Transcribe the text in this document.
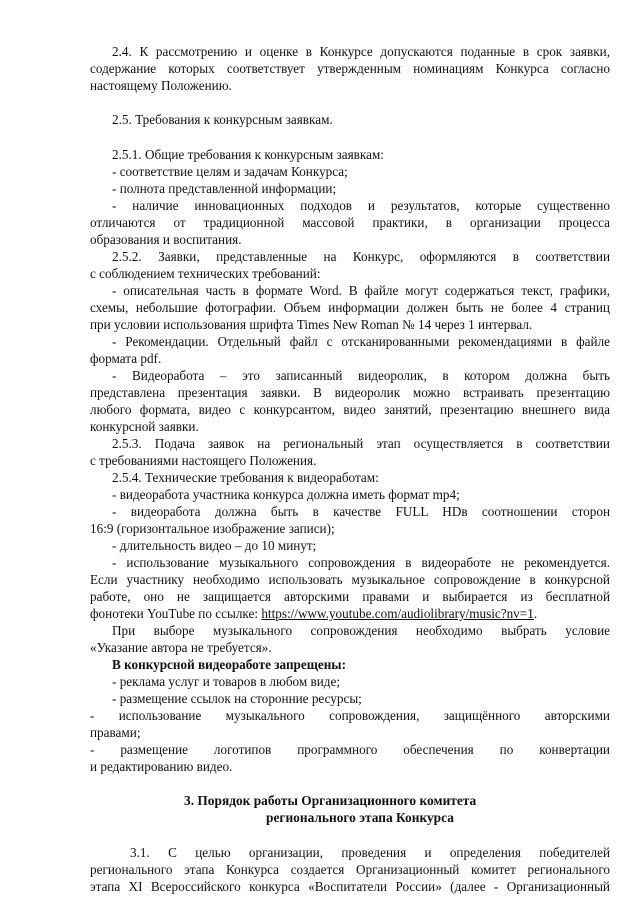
2.4. К рассмотрению и оценке в Конкурсе допускаются поданные в срок заявки,
содержание которых соответствует утвержденным номинациям Конкурса согласно
настоящему Положению.
2.5. Требования к конкурсным заявкам.
2.5.1. Общие требования к конкурсным заявкам:
- соответствие целям и задачам Конкурса;
- полнота представленной информации;
- наличие инновационных подходов и результатов, которые существенно
отличаются от традиционной массовой практики, в организации процесса
образования и воспитания.
2.5.2. Заявки, представленные на Конкурс, оформляются в соответствии
с соблюдением технических требований:
- описательная часть в формате Word. В файле могут содержаться текст, графики,
схемы, небольшие фотографии. Объем информации должен быть не более 4 страниц
при условии использования шрифта Times New Roman № 14 через 1 интервал.
- Рекомендации. Отдельный файл с отсканированными рекомендациями в файле
формата pdf.
- Видеоработа – это записанный видеоролик, в котором должна быть
представлена презентация заявки. В видеоролик можно встраивать презентацию
любого формата, видео с конкурсантом, видео занятий, презентацию внешнего вида
конкурсной заявки.
2.5.3. Подача заявок на региональный этап осуществляется в соответствии
с требованиями настоящего Положения.
2.5.4. Технические требования к видеоработам:
- видеоработа участника конкурса должна иметь формат mp4;
- видеоработа должна быть в качестве FULL HDв соотношении сторон
16:9 (горизонтальное изображение записи);
- длительность видео – до 10 минут;
- использование музыкального сопровождения в видеоработе не рекомендуется.
Если участнику необходимо использовать музыкальное сопровождение в конкурсной
работе, оно не защищается авторскими правами и выбирается из бесплатной
фонотеки YouTube по ссылке: https://www.youtube.com/audiolibrary/music?nv=1.
При выборе музыкального сопровождения необходимо выбрать условие
«Указание автора не требуется».
В конкурсной видеоработе запрещены:
- реклама услуг и товаров в любом виде;
- размещение ссылок на сторонние ресурсы;
- использование музыкального сопровождения, защищённого авторскими
правами;
- размещение логотипов программного обеспечения по конвертации
и редактированию видео.
3. Порядок работы Организационного комитета
регионального этапа Конкурса
3.1. С целью организации, проведения и определения победителей
регионального этапа Конкурса создается Организационный комитет регионального
этапа XI Всероссийского конкурса «Воспитатели России» (далее - Организационный
